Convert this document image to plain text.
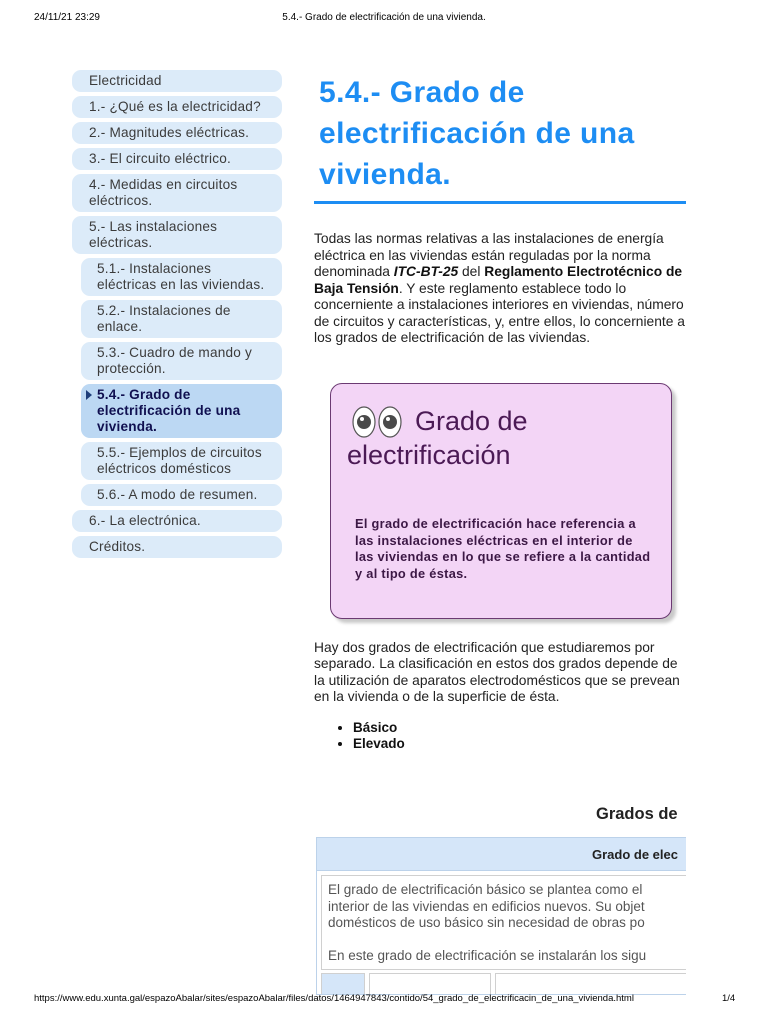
24/11/21 23:29	5.4.- Grado de electrificación de una vivienda.
Electricidad
1.- ¿Qué es la electricidad?
2.- Magnitudes eléctricas.
3.- El circuito eléctrico.
4.- Medidas en circuitos eléctricos.
5.- Las instalaciones eléctricas.
5.1.- Instalaciones eléctricas en las viviendas.
5.2.- Instalaciones de enlace.
5.3.- Cuadro de mando y protección.
5.4.- Grado de electrificación de una vivienda.
5.5.- Ejemplos de circuitos eléctricos domésticos
5.6.- A modo de resumen.
6.- La electrónica.
Créditos.
5.4.- Grado de electrificación de una vivienda.

Todas las normas relativas a las instalaciones de energía eléctrica en las viviendas están reguladas por la norma denominada ITC-BT-25 del Reglamento Electrotécnico de Baja Tensión. Y este reglamento establece todo lo concerniente a instalaciones interiores en viviendas, número de circuitos y características, y, entre ellos, lo concerniente a los grados de electrificación de las viviendas.

Grado de electrificación

El grado de electrificación hace referencia a las instalaciones eléctricas en el interior de las viviendas en lo que se refiere a la cantidad y al tipo de éstas.

Hay dos grados de electrificación que estudiaremos por separado. La clasificación en estos dos grados depende de la utilización de aparatos electrodomésticos que se prevean en la vivienda o de la superficie de ésta.

• Básico
• Elevado
Grados de
Grado de elec

El grado de electrificación básico se plantea como el

interior de las viviendas en edificios nuevos. Su objet

domésticos de uso básico sin necesidad de obras po

En este grado de electrificación se instalarán los sigu

https://www.edu.xunta.gal/espazoAbalar/sites/espazoAbalar/files/datos/1464947843/contido/54_grado_de_electrificacin_de_una_vivienda.html	1/4
